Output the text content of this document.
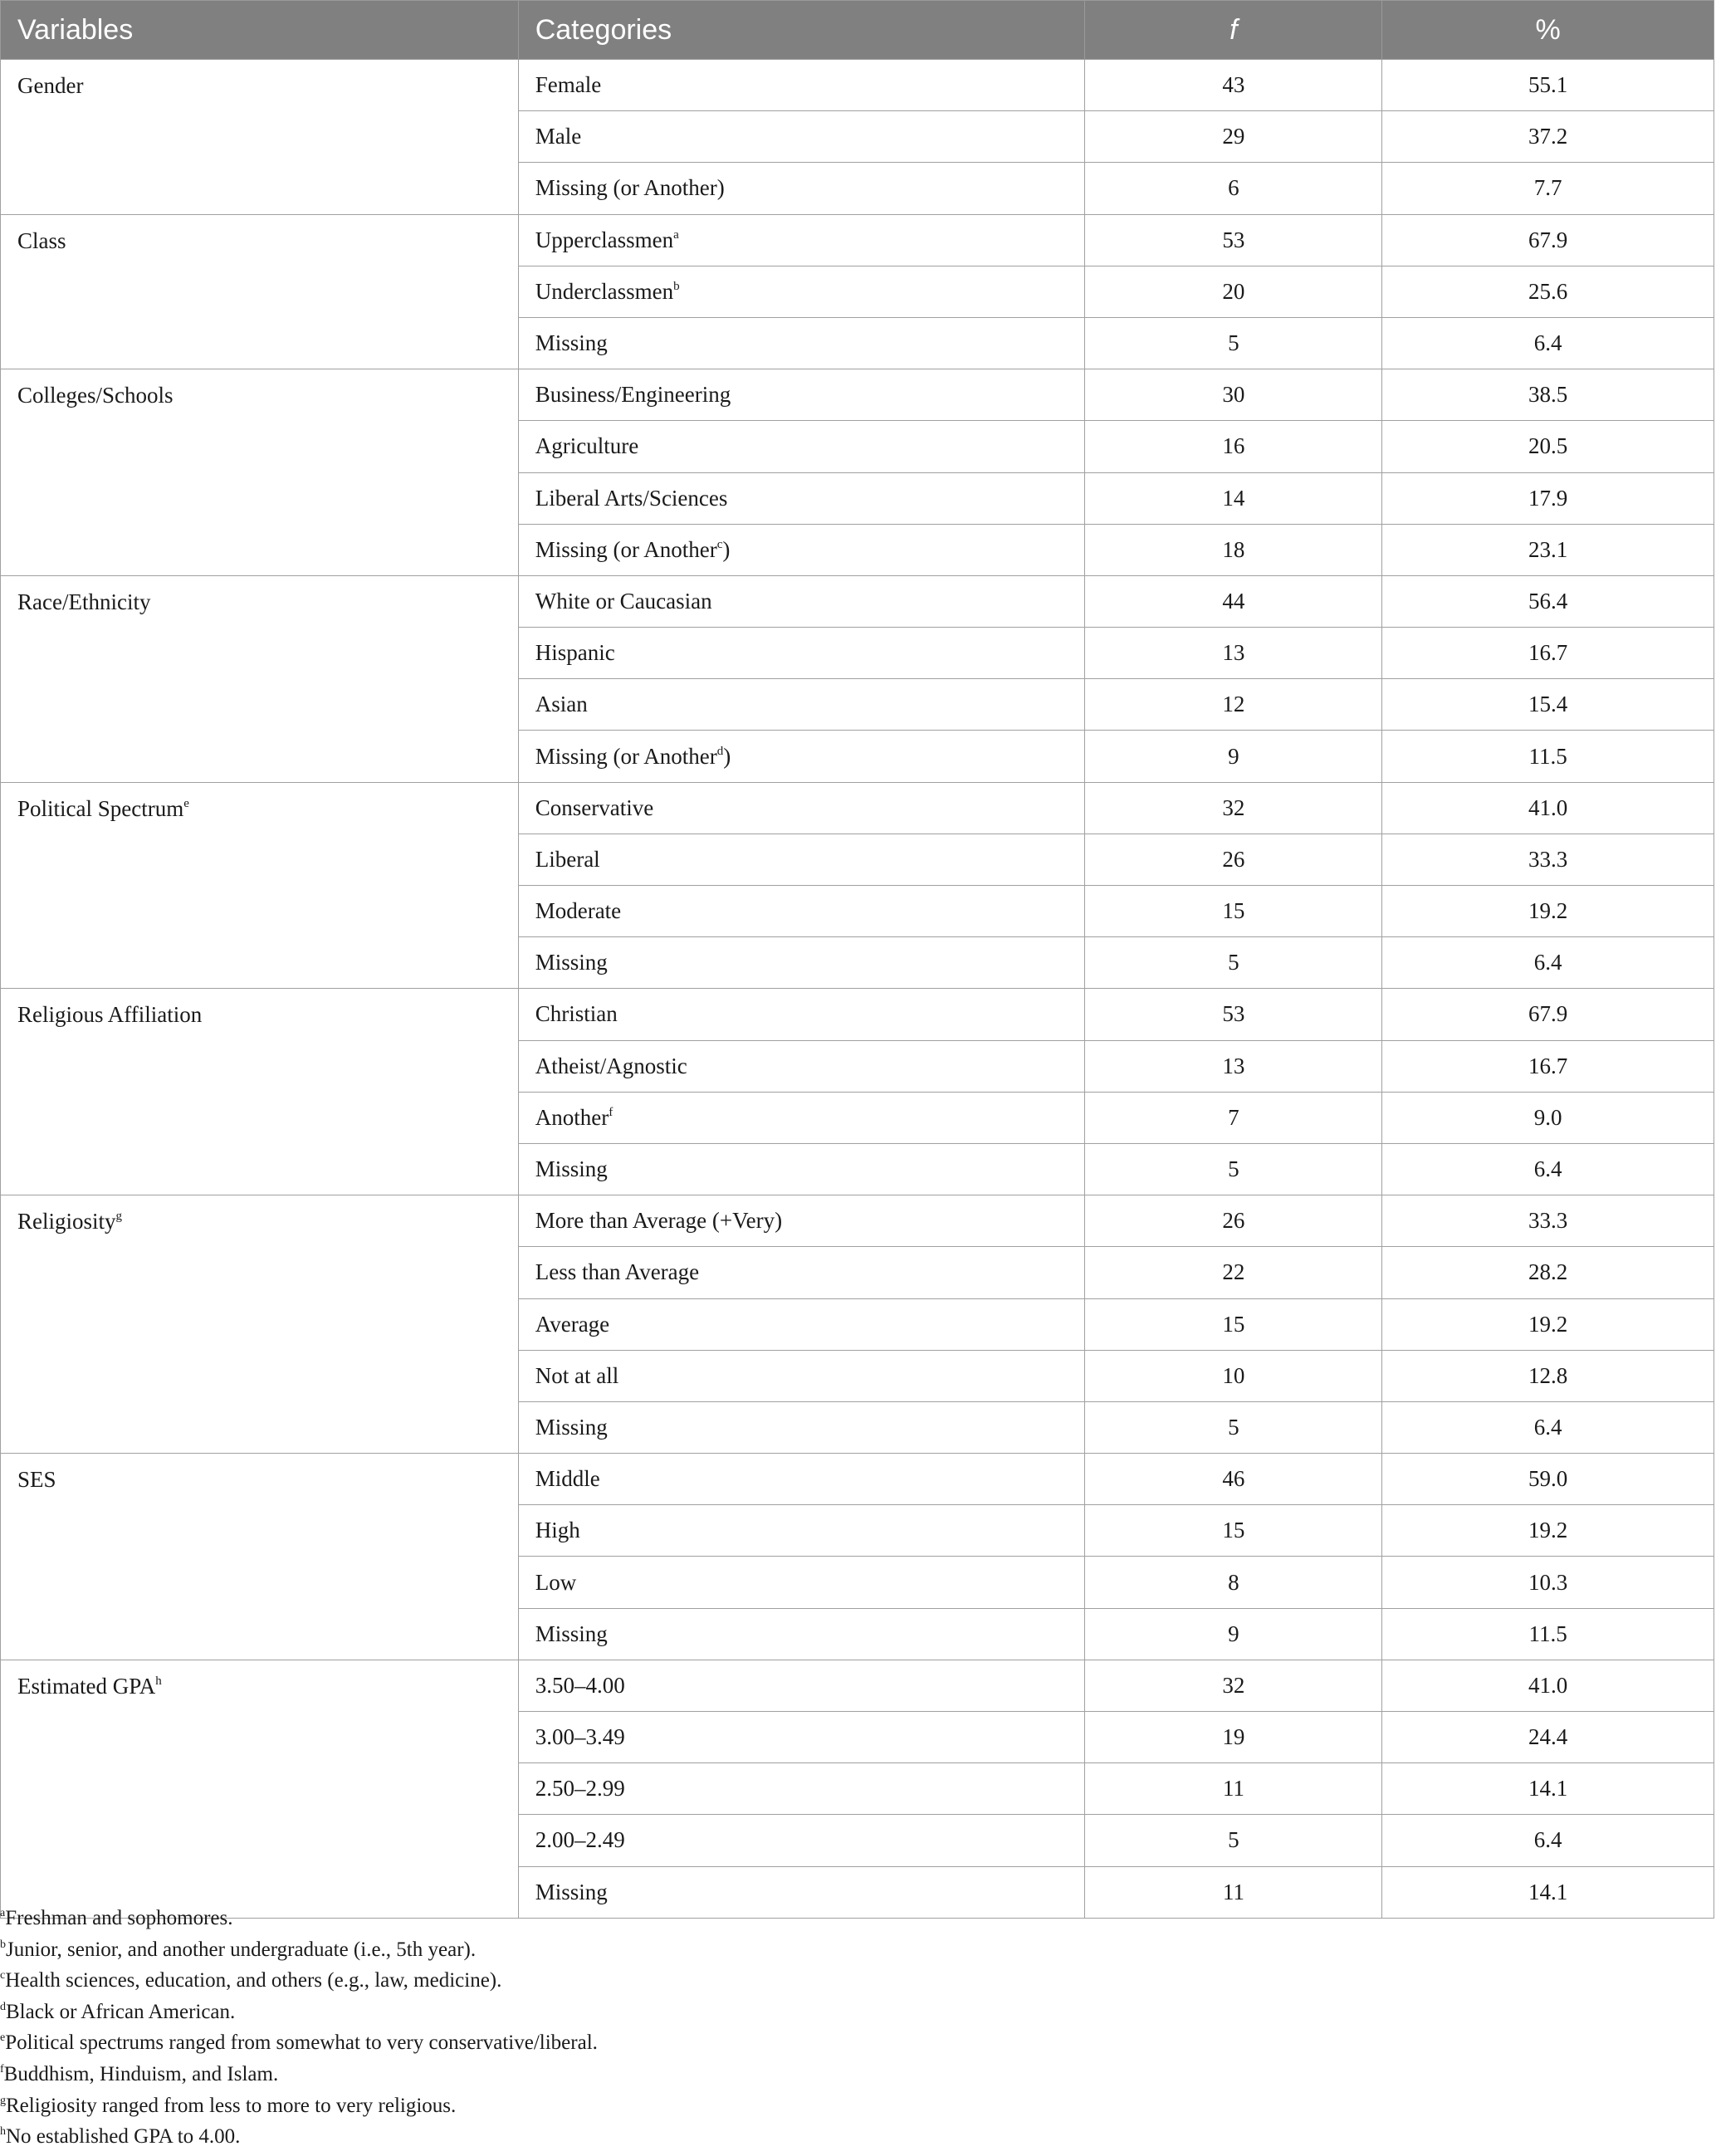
Variables	Categories	f	%
Gender	Female	43	55.1
	Male	29	37.2
	Missing (or Another)	6	7.7
Class	Upperclassmen$^a$	53	67.9
	Underclassmen$^b$	20	25.6
	Missing	5	6.4
Colleges/Schools	Business/Engineering	30	38.5
	Agriculture	16	20.5
	Liberal Arts/Sciences	14	17.9
	Missing (or Another$^c$)	18	23.1
Race/Ethnicity	White or Caucasian	44	56.4
	Hispanic	13	16.7
	Asian	12	15.4
	Missing (or Another$^d$)	9	11.5
Political Spectrum$^e$	Conservative	32	41.0
	Liberal	26	33.3
	Moderate	15	19.2
	Missing	5	6.4
Religious Affiliation	Christian	53	67.9
	Atheist/Agnostic	13	16.7
	Another$^f$	7	9.0
	Missing	5	6.4
Religiosity$^g$	More than Average (+Very)	26	33.3
	Less than Average	22	28.2
	Average	15	19.2
	Not at all	10	12.8
	Missing	5	6.4
SES	Middle	46	59.0
	High	15	19.2
	Low	8	10.3
	Missing	9	11.5
Estimated GPA$^h$	3.50–4.00	32	41.0
	3.00–3.49	19	24.4
	2.50–2.99	11	14.1
	2.00–2.49	5	6.4
	Missing	11	14.1
$^a$Freshman and sophomores.
$^b$Junior, senior, and another undergraduate (i.e., 5th year).
$^c$Health sciences, education, and others (e.g., law, medicine).
$^d$Black or African American.
$^e$Political spectrums ranged from somewhat to very conservative/liberal.
$^f$Buddhism, Hinduism, and Islam.
$^g$Religiosity ranged from less to more to very religious.
$^h$No established GPA to 4.00.
